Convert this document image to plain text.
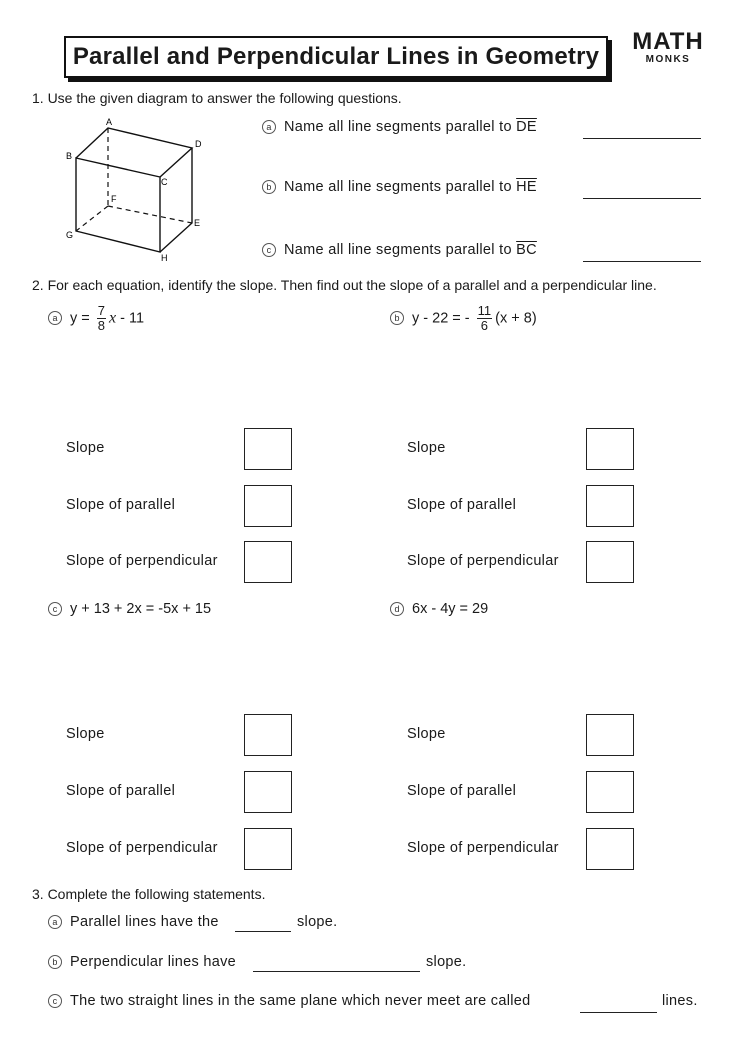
Parallel and Perpendicular Lines in Geometry
MATH
MONKS
1. Use the given diagram to answer the following questions.
A
B
C
D
E
F
G
H
a Name all line segments parallel to $\overline{DE}$
b Name all line segments parallel to $\overline{HE}$
c Name all line segments parallel to $\overline{BC}$
2. For each equation, identify the slope. Then find out the slope of a parallel and a perpendicular line.
a $y = \frac{7}{8}$ x - 11	b y - 22 = - $\frac{11}{6} (x + 8)$
Slope
Slope of parallel
Slope of perpendicular
Slope
Slope of parallel
Slope of perpendicular
c y + 13 + 2x = -5x + 15	d 6x - 4y = 29
Slope
Slope of parallel
Slope of perpendicular
Slope
Slope of parallel
Slope of perpendicular
3. Complete the following statements.
a Parallel lines have the	slope.
b Perpendicular lines have	slope.
c The two straight lines in the same plane which never meet are called	lines.
